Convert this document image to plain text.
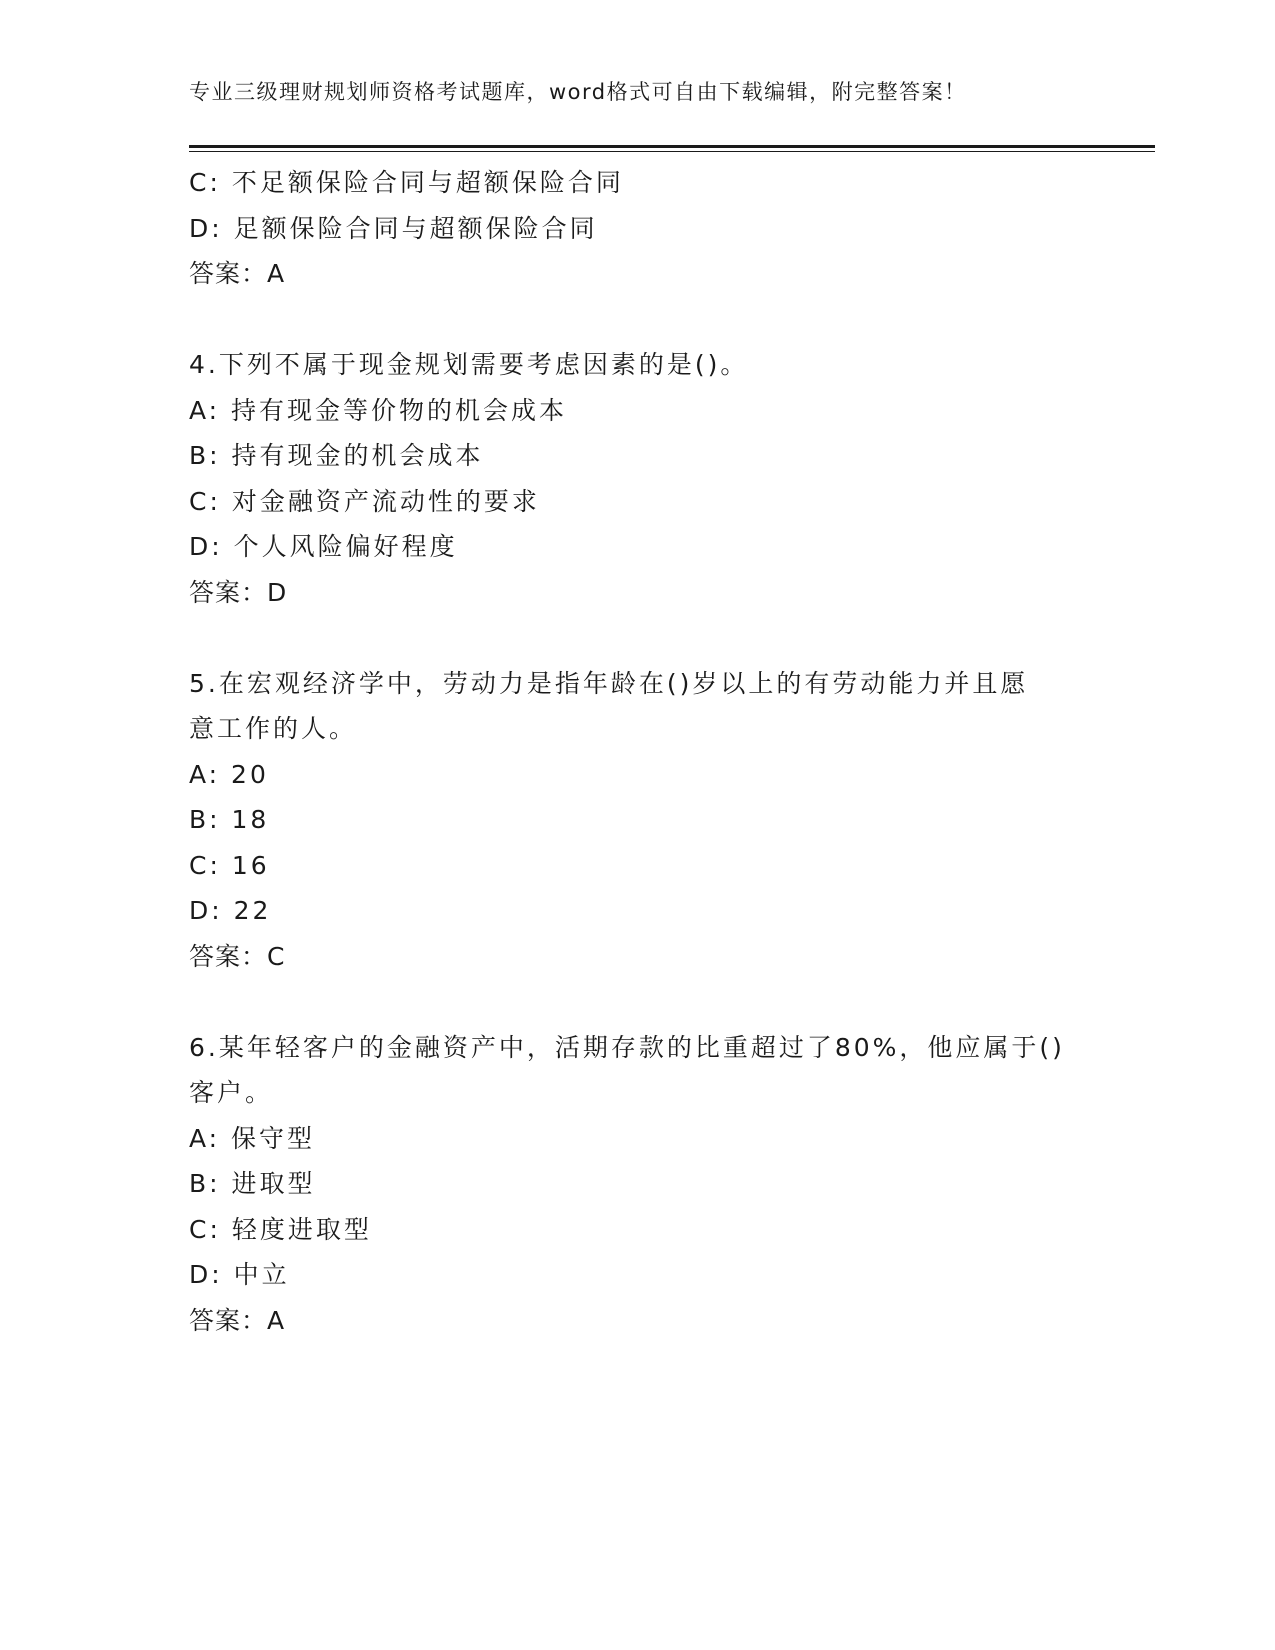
专业三级理财规划师资格考试题库，word格式可自由下载编辑，附完整答案！
C: 不足额保险合同与超额保险合同
D: 足额保险合同与超额保险合同
答案：A
4.下列不属于现金规划需要考虑因素的是()。
A: 持有现金等价物的机会成本
B: 持有现金的机会成本
C: 对金融资产流动性的要求
D: 个人风险偏好程度
答案：D
5.在宏观经济学中，劳动力是指年龄在()岁以上的有劳动能力并且愿
意工作的人。
A: 20
B: 18
C: 16
D: 22
答案：C
6.某年轻客户的金融资产中，活期存款的比重超过了80%，他应属于()
客户。
A: 保守型
B: 进取型
C: 轻度进取型
D: 中立
答案：A
